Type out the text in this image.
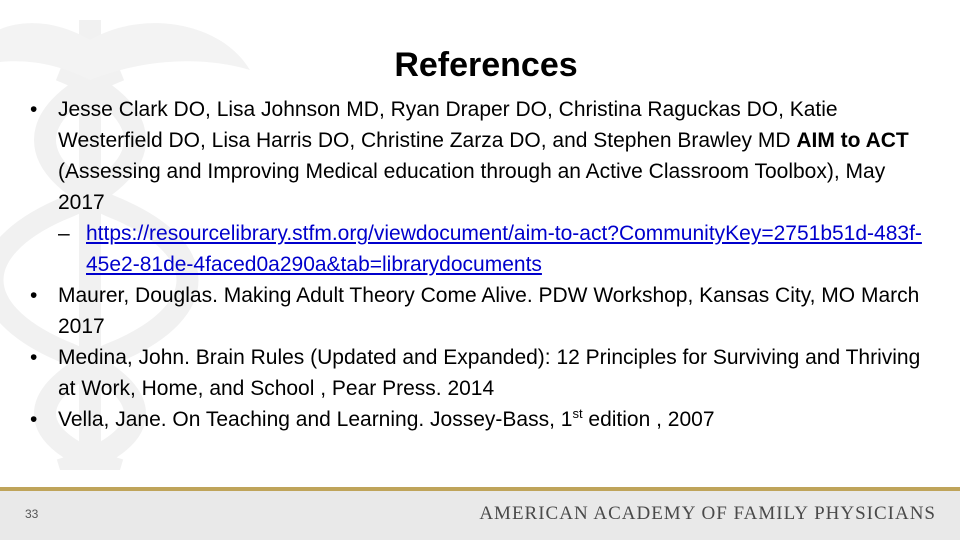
References
• Jesse Clark DO, Lisa Johnson MD, Ryan Draper DO, Christina Raguckas DO, Katie Westerfield DO, Lisa Harris DO, Christine Zarza DO, and Stephen Brawley MD AIM to ACT (Assessing and Improving Medical education through an Active Classroom Toolbox), May 2017
– https://resourcelibrary.stfm.org/viewdocument/aim-to-act?CommunityKey=2751b51d-483f-45e2-81de-4faced0a290a&tab=librarydocuments
• Maurer, Douglas. Making Adult Theory Come Alive. PDW Workshop, Kansas City, MO March 2017
• Medina, John. Brain Rules (Updated and Expanded): 12 Principles for Surviving and Thriving at Work, Home, and School , Pear Press. 2014
• Vella, Jane. On Teaching and Learning. Jossey-Bass, 1st edition , 2007
33	AMERICAN ACADEMY OF FAMILY PHYSICIANS
